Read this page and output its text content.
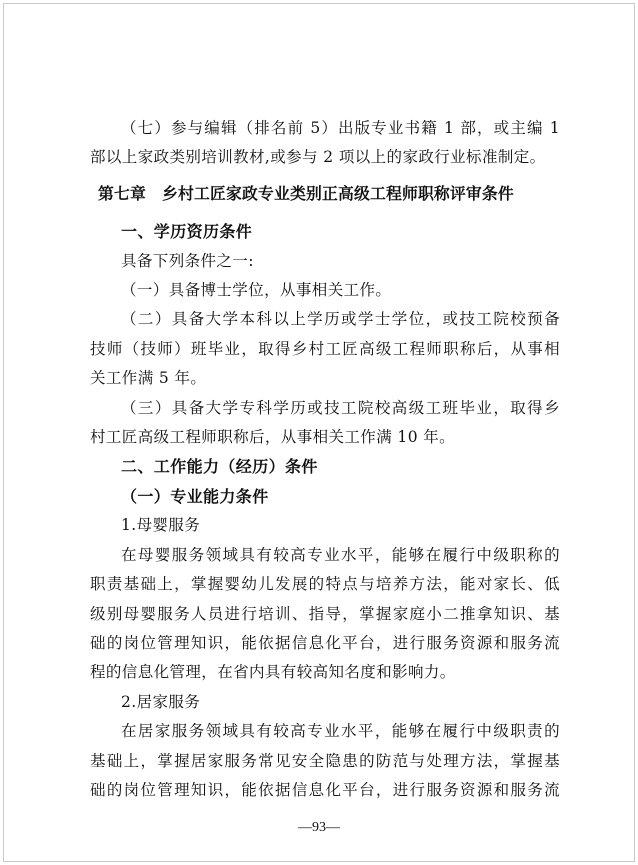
（七）参与编辑（排名前 5）出版专业书籍 1 部，或主编 1
部以上家政类别培训教材,或参与 2 项以上的家政行业标准制定。
第七章　乡村工匠家政专业类别正高级工程师职称评审条件
一、学历资历条件
具备下列条件之一:
（一）具备博士学位，从事相关工作。
（二）具备大学本科以上学历或学士学位，或技工院校预备
技师（技师）班毕业，取得乡村工匠高级工程师职称后，从事相
关工作满 5 年。
（三）具备大学专科学历或技工院校高级工班毕业，取得乡
村工匠高级工程师职称后，从事相关工作满 10 年。
二、工作能力（经历）条件
（一）专业能力条件
1.母婴服务
在母婴服务领域具有较高专业水平，能够在履行中级职称的
职责基础上，掌握婴幼儿发展的特点与培养方法，能对家长、低
级别母婴服务人员进行培训、指导，掌握家庭小二推拿知识、基
础的岗位管理知识，能依据信息化平台，进行服务资源和服务流
程的信息化管理，在省内具有较高知名度和影响力。
2.居家服务
在居家服务领域具有较高专业水平，能够在履行中级职责的
基础上，掌握居家服务常见安全隐患的防范与处理方法，掌握基
础的岗位管理知识，能依据信息化平台，进行服务资源和服务流
—93—
